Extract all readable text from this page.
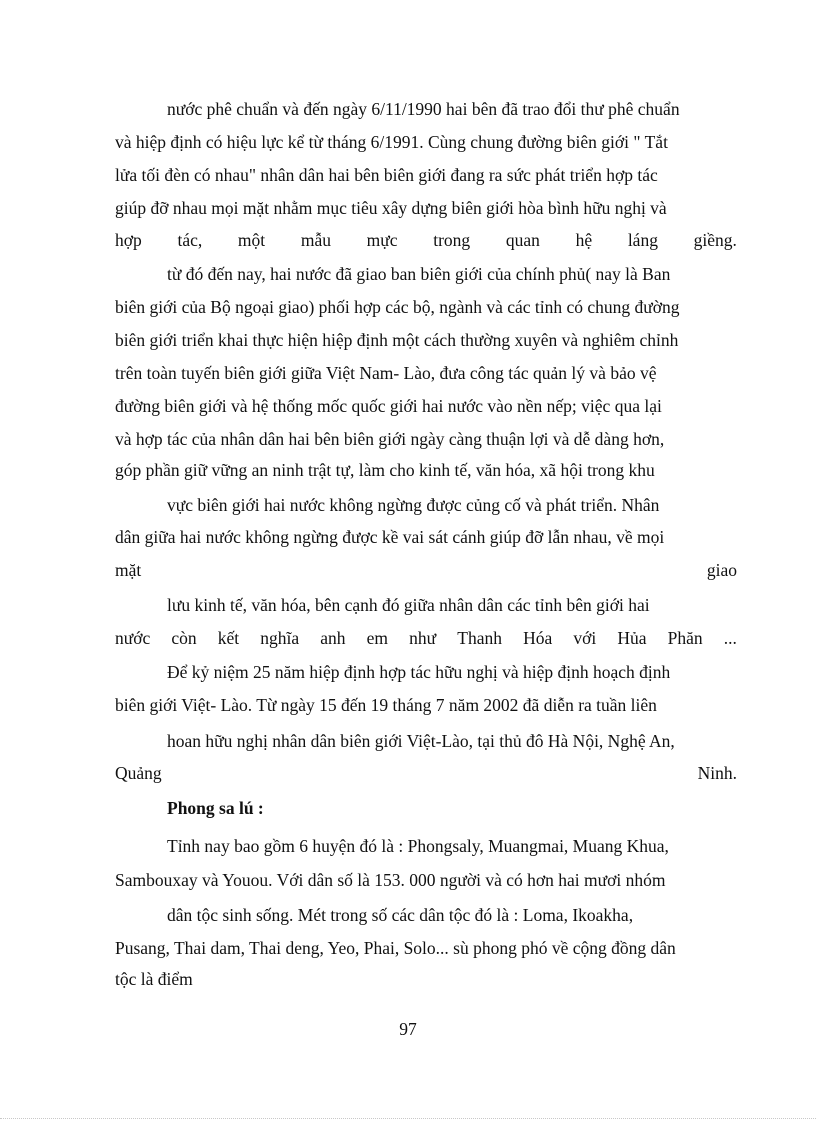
nước phê chuẩn và đến ngày 6/11/1990 hai bên đã trao đổi thư phê chuẩn
và hiệp định có hiệu lực kể từ tháng 6/1991. Cùng chung đường biên giới " Tắt
lửa tối đèn có nhau" nhân dân hai bên biên giới đang ra sức phát triển hợp tác
giúp đỡ nhau mọi mặt nhằm mục tiêu xây dựng biên giới hòa bình hữu nghị và
hợp tác, một mẫu mực trong quan hệ láng giềng.
từ đó đến nay, hai nước đã giao ban biên giới của chính phủ( nay là Ban
biên giới của Bộ ngoại giao) phối hợp các bộ, ngành và các tỉnh có chung đường
biên giới triển khai thực hiện hiệp định một cách thường xuyên và nghiêm chỉnh
trên toàn tuyến biên giới giữa Việt Nam- Lào, đưa công tác quản lý và bảo vệ
đường biên giới và hệ thống mốc quốc giới hai nước vào nền nếp; việc qua lại
và hợp tác của nhân dân hai bên biên giới ngày càng thuận lợi và dễ dàng hơn,
góp phần giữ vững an ninh trật tự, làm cho kinh tế, văn hóa, xã hội trong khu
vực biên giới hai nước không ngừng được củng cố và phát triển. Nhân
dân giữa hai nước không ngừng được kề vai sát cánh giúp đỡ lẫn nhau, về mọi
mặt	giao
lưu kinh tế, văn hóa, bên cạnh đó giữa nhân dân các tỉnh bên giới hai
nước còn kết nghĩa anh em như Thanh Hóa với Hủa Phăn ...
Để kỷ niệm 25 năm hiệp định hợp tác hữu nghị và hiệp định hoạch định
biên giới Việt- Lào. Từ ngày 15 đến 19 tháng 7 năm 2002 đã diễn ra tuần liên
hoan hữu nghị nhân dân biên giới Việt-Lào, tại thủ đô Hà Nội, Nghệ An,
Quảng	Ninh.
Phong sa lú :
Tỉnh nay bao gồm 6 huyện đó là : Phongsaly, Muangmai, Muang Khua,
Sambouxay và Youou. Với dân số là 153. 000 người và có hơn hai mươi nhóm
dân tộc sinh sống. Mét trong số các dân tộc đó là : Loma, Ikoakha,
Pusang, Thai dam, Thai deng, Yeo, Phai, Solo... sù phong phó về cộng đồng dân
tộc là điểm
97
